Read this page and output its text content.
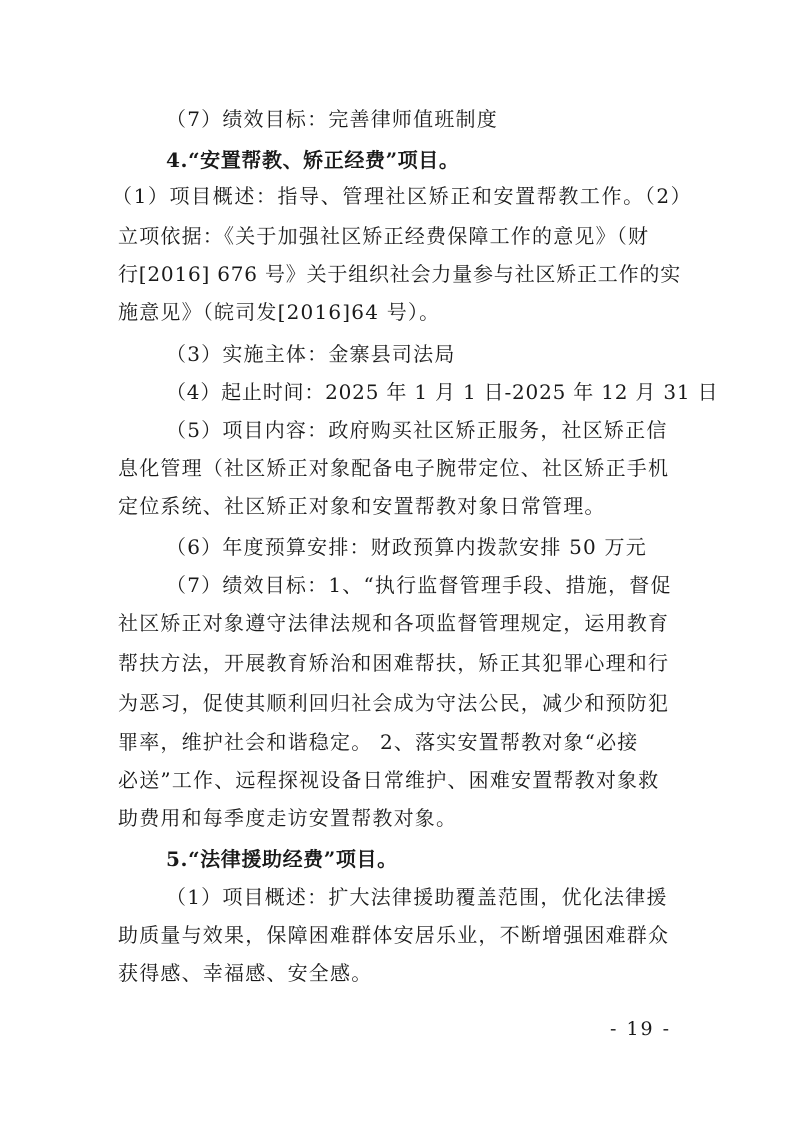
（7）绩效目标：完善律师值班制度
4.“安置帮教、矫正经费”项目。
（1）项目概述：指导、管理社区矫正和安置帮教工作。（2）
立项依据：《关于加强社区矫正经费保障工作的意见》（财
行[2016] 676 号》关于组织社会力量参与社区矫正工作的实
施意见》（皖司发[2016]64 号）。
（3）实施主体：金寨县司法局
（4）起止时间：2025 年 1 月 1 日-2025 年 12 月 31 日
（5）项目内容：政府购买社区矫正服务，社区矫正信
息化管理（社区矫正对象配备电子腕带定位、社区矫正手机
定位系统、社区矫正对象和安置帮教对象日常管理。
（6）年度预算安排：财政预算内拨款安排 50 万元
（7）绩效目标：1、“执行监督管理手段、措施，督促
社区矫正对象遵守法律法规和各项监督管理规定，运用教育
帮扶方法，开展教育矫治和困难帮扶，矫正其犯罪心理和行
为恶习，促使其顺利回归社会成为守法公民，减少和预防犯
罪率，维护社会和谐稳定。 2、落实安置帮教对象“必接
必送”工作、远程探视设备日常维护、困难安置帮教对象救
助费用和每季度走访安置帮教对象。
5.“法律援助经费”项目。
（1）项目概述：扩大法律援助覆盖范围，优化法律援
助质量与效果，保障困难群体安居乐业，不断增强困难群众
获得感、幸福感、安全感。
- 19 -
